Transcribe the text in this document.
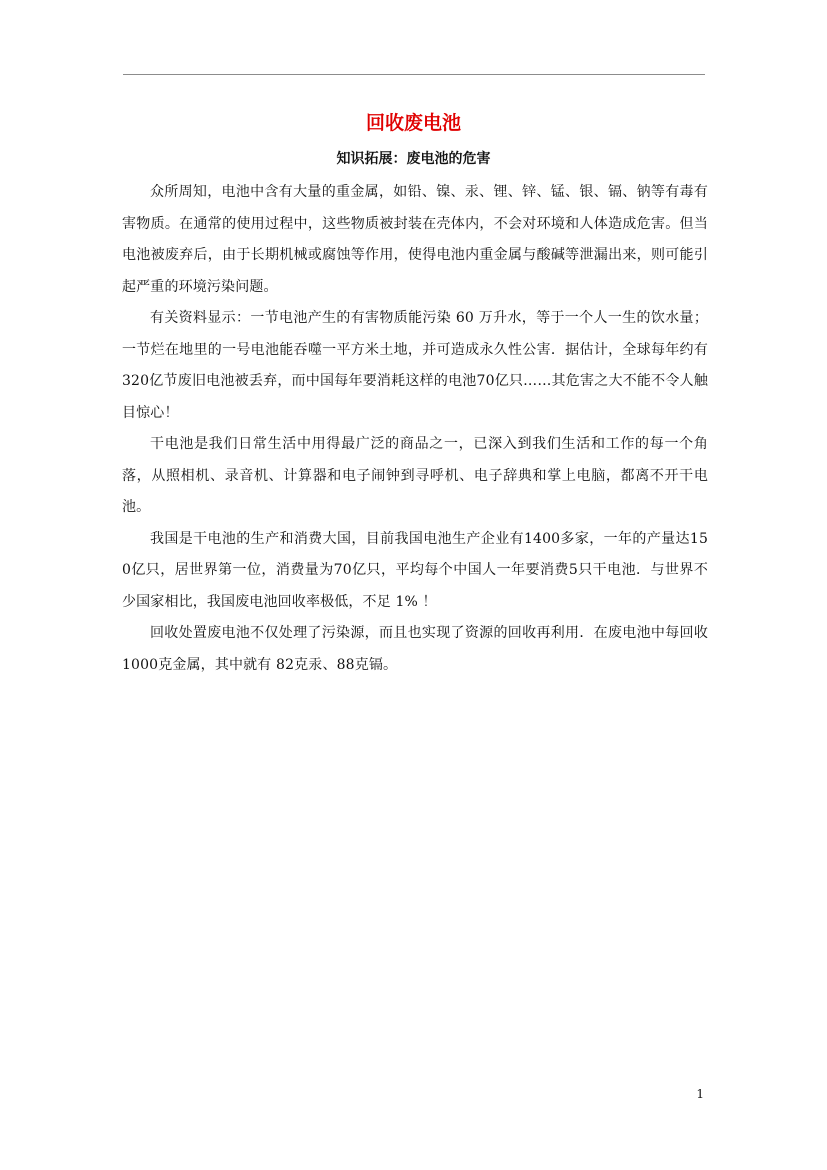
回收废电池
知识拓展：废电池的危害

众所周知，电池中含有大量的重金属，如铅、镍、汞、锂、锌、锰、银、镉、钠等有毒有害物质。在通常的使用过程中，这些物质被封装在壳体内，不会对环境和人体造成危害。但当电池被废弃后，由于长期机械或腐蚀等作用，使得电池内重金属与酸碱等泄漏出来，则可能引起严重的环境污染问题。

有关资料显示：一节电池产生的有害物质能污染 60 万升水，等于一个人一生的饮水量；一节烂在地里的一号电池能吞噬一平方米土地，并可造成永久性公害．据估计，全球每年约有320亿节废旧电池被丢弃，而中国每年要消耗这样的电池70亿只……其危害之大不能不令人触目惊心！

干电池是我们日常生活中用得最广泛的商品之一，已深入到我们生活和工作的每一个角落，从照相机、录音机、计算器和电子闹钟到寻呼机、电子辞典和掌上电脑，都离不开干电池。

我国是干电池的生产和消费大国，目前我国电池生产企业有1400多家，一年的产量达150亿只，居世界第一位，消费量为70亿只，平均每个中国人一年要消费5只干电池．与世界不少国家相比，我国废电池回收率极低，不足 1% ！

回收处置废电池不仅处理了污染源，而且也实现了资源的回收再利用．在废电池中每回收1000克金属，其中就有 82克汞、88克镉。

1
